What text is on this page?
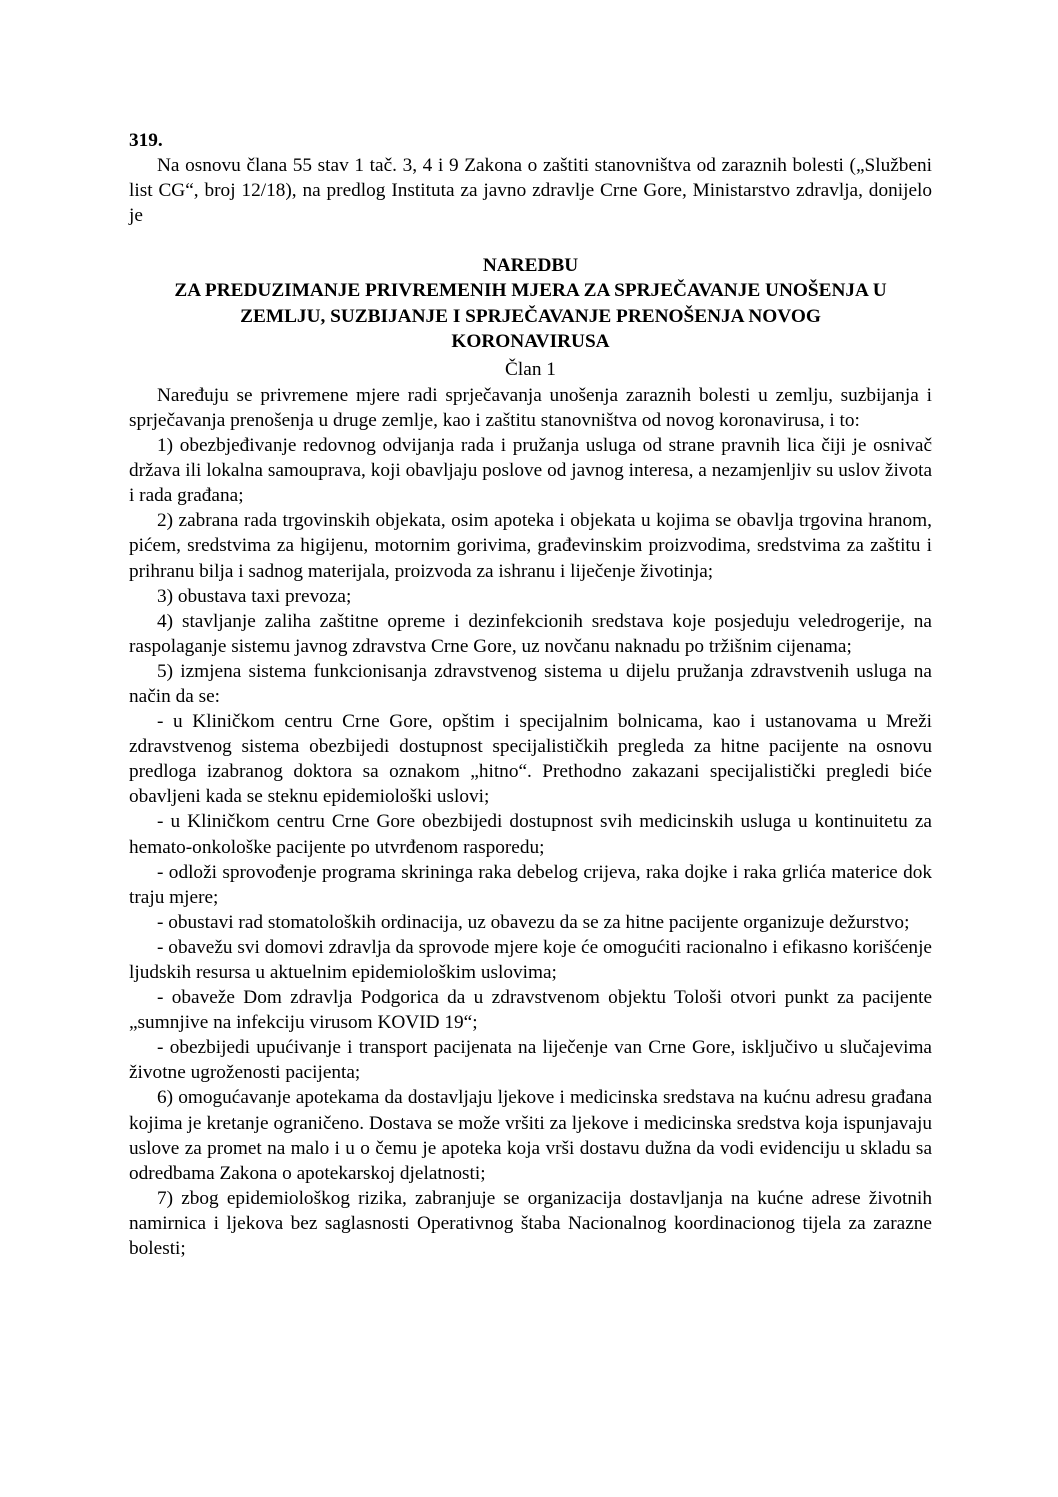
319.

Na osnovu člana 55 stav 1 tač. 3, 4 i 9 Zakona o zaštiti stanovništva od zaraznih bolesti („Službeni list CG“, broj 12/18), na predlog Instituta za javno zdravlje Crne Gore, Ministarstvo zdravlja, donijelo je

NAREDBU
ZA PREDUZIMANJE PRIVREMENIH MJERA ZA SPRJEČAVANJE UNOŠENJA U
ZEMLJU, SUZBIJANJE I SPRJEČAVANJE PRENOŠENJA NOVOG
KORONAVIRUSA

Član 1

Naređuju se privremene mjere radi sprječavanja unošenja zaraznih bolesti u zemlju, suzbijanja i sprječavanja prenošenja u druge zemlje, kao i zaštitu stanovništva od novog koronavirusa, i to:

1) obezbjeđivanje redovnog odvijanja rada i pružanja usluga od strane pravnih lica čiji je osnivač država ili lokalna samouprava, koji obavljaju poslove od javnog interesa, a nezamjenljiv su uslov života i rada građana;

2) zabrana rada trgovinskih objekata, osim apoteka i objekata u kojima se obavlja trgovina hranom, pićem, sredstvima za higijenu, motornim gorivima, građevinskim proizvodima, sredstvima za zaštitu i prihranu bilja i sadnog materijala, proizvoda za ishranu i liječenje životinja;

3) obustava taxi prevoza;

4) stavljanje zaliha zaštitne opreme i dezinfekcionih sredstava koje posjeduju veledrogerije, na raspolaganje sistemu javnog zdravstva Crne Gore, uz novčanu naknadu po tržišnim cijenama;

5) izmjena sistema funkcionisanja zdravstvenog sistema u dijelu pružanja zdravstvenih usluga na način da se:

- u Kliničkom centru Crne Gore, opštim i specijalnim bolnicama, kao i ustanovama u Mreži zdravstvenog sistema obezbijedi dostupnost specijalističkih pregleda za hitne pacijente na osnovu predloga izabranog doktora sa oznakom „hitno“. Prethodno zakazani specijalistički pregledi biće obavljeni kada se steknu epidemiološki uslovi;

- u Kliničkom centru Crne Gore obezbijedi dostupnost svih medicinskih usluga u kontinuitetu za hemato-onkološke pacijente po utvrđenom rasporedu;

- odloži sprovođenje programa skrininga raka debelog crijeva, raka dojke i raka grlića materice dok traju mjere;

- obustavi rad stomatoloških ordinacija, uz obavezu da se za hitne pacijente organizuje dežurstvo;

- obavežu svi domovi zdravlja da sprovode mjere koje će omogućiti racionalno i efikasno korišćenje ljudskih resursa u aktuelnim epidemiološkim uslovima;

- obaveže Dom zdravlja Podgorica da u zdravstvenom objektu Tološi otvori punkt za pacijente „sumnjive na infekciju virusom KOVID 19“;

- obezbijedi upućivanje i transport pacijenata na liječenje van Crne Gore, isključivo u slučajevima životne ugroženosti pacijenta;

6) omogućavanje apotekama da dostavljaju ljekove i medicinska sredstava na kućnu adresu građana kojima je kretanje ograničeno. Dostava se može vršiti za ljekove i medicinska sredstva koja ispunjavaju uslove za promet na malo i u o čemu je apoteka koja vrši dostavu dužna da vodi evidenciju u skladu sa odredbama Zakona o apotekarskoj djelatnosti;

7) zbog epidemiološkog rizika, zabranjuje se organizacija dostavljanja na kućne adrese životnih namirnica i ljekova bez saglasnosti Operativnog štaba Nacionalnog koordinacionog tijela za zarazne bolesti;
